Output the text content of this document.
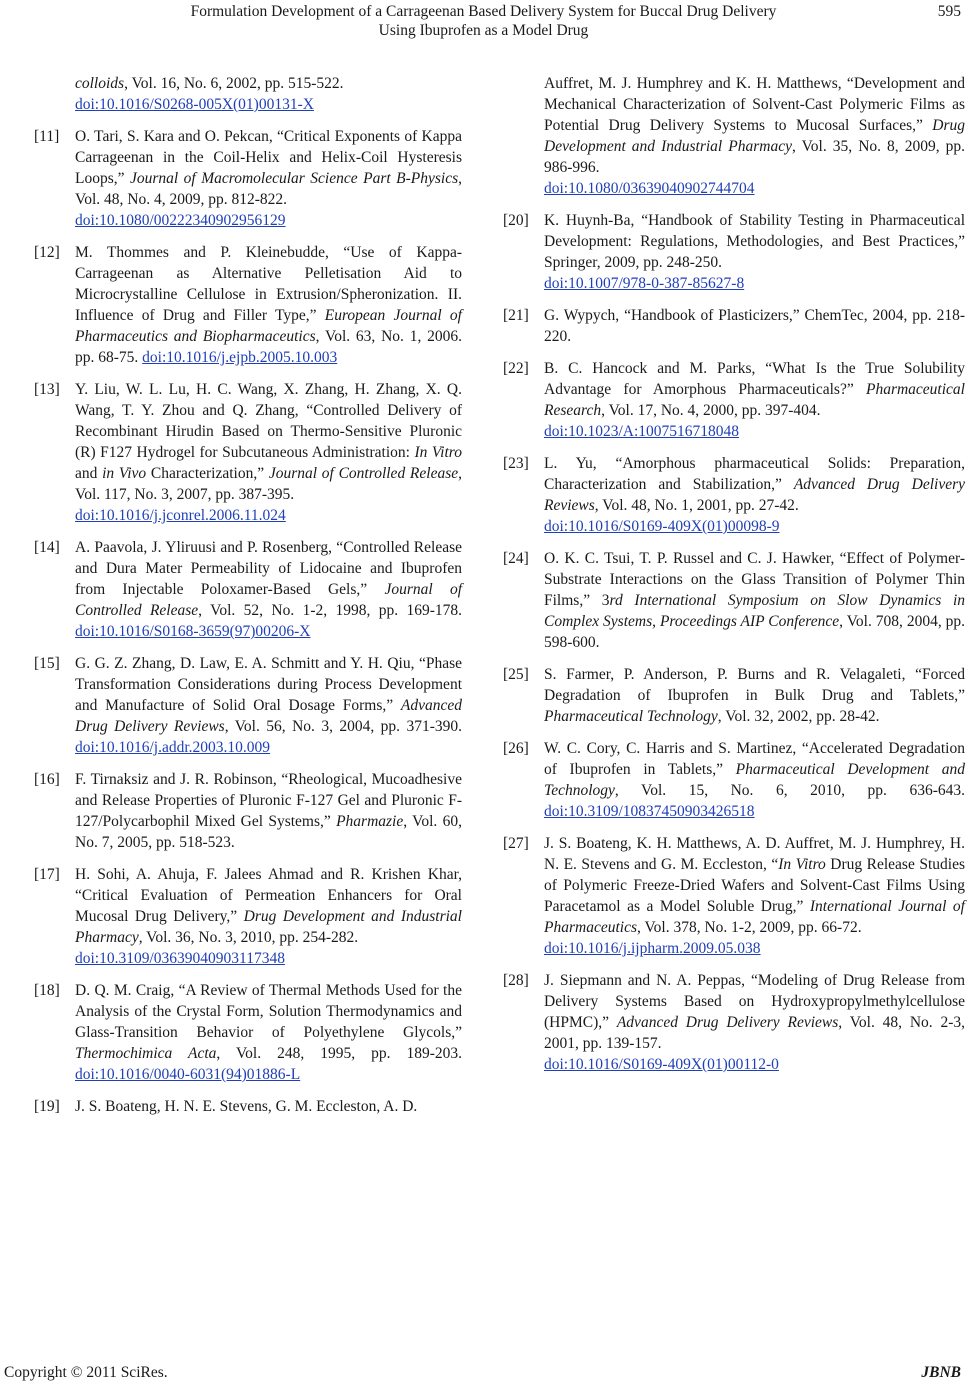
Formulation Development of a Carrageenan Based Delivery System for Buccal Drug Delivery
Using Ibuprofen as a Model Drug
595
colloids, Vol. 16, No. 6, 2002, pp. 515-522.
doi:10.1016/S0268-005X(01)00131-X
[11] O. Tari, S. Kara and O. Pekcan, “Critical Exponents of Kappa Carrageenan in the Coil-Helix and Helix-Coil Hysteresis Loops,” Journal of Macromolecular Science Part B-Physics, Vol. 48, No. 4, 2009, pp. 812-822.
doi:10.1080/00222340902956129
[12] M. Thommes and P. Kleinebudde, “Use of Kappa-Carrageenan as Alternative Pelletisation Aid to Microcrystalline Cellulose in Extrusion/Spheronization. II. Influence of Drug and Filler Type,” European Journal of Pharmaceutics and Biopharmaceutics, Vol. 63, No. 1, 2006. pp. 68-75. doi:10.1016/j.ejpb.2005.10.003
[13] Y. Liu, W. L. Lu, H. C. Wang, X. Zhang, H. Zhang, X. Q. Wang, T. Y. Zhou and Q. Zhang, “Controlled Delivery of Recombinant Hirudin Based on Thermo-Sensitive Pluronic (R) F127 Hydrogel for Subcutaneous Administration: In Vitro and in Vivo Characterization,” Journal of Controlled Release, Vol. 117, No. 3, 2007, pp. 387-395.
doi:10.1016/j.jconrel.2006.11.024
[14] A. Paavola, J. Yliruusi and P. Rosenberg, “Controlled Release and Dura Mater Permeability of Lidocaine and Ibuprofen from Injectable Poloxamer-Based Gels,” Journal of Controlled Release, Vol. 52, No. 1-2, 1998, pp. 169-178. doi:10.1016/S0168-3659(97)00206-X
[15] G. G. Z. Zhang, D. Law, E. A. Schmitt and Y. H. Qiu, “Phase Transformation Considerations during Process Development and Manufacture of Solid Oral Dosage Forms,” Advanced Drug Delivery Reviews, Vol. 56, No. 3, 2004, pp. 371-390. doi:10.1016/j.addr.2003.10.009
[16] F. Tirnaksiz and J. R. Robinson, “Rheological, Mucoadhesive and Release Properties of Pluronic F-127 Gel and Pluronic F-127/Polycarbophil Mixed Gel Systems,” Pharmazie, Vol. 60, No. 7, 2005, pp. 518-523.
[17] H. Sohi, A. Ahuja, F. Jalees Ahmad and R. Krishen Khar, “Critical Evaluation of Permeation Enhancers for Oral Mucosal Drug Delivery,” Drug Development and Industrial Pharmacy, Vol. 36, No. 3, 2010, pp. 254-282.
doi:10.3109/03639040903117348
[18] D. Q. M. Craig, “A Review of Thermal Methods Used for the Analysis of the Crystal Form, Solution Thermodynamics and Glass-Transition Behavior of Polyethylene Glycols,” Thermochimica Acta, Vol. 248, 1995, pp. 189-203. doi:10.1016/0040-6031(94)01886-L
[19] J. S. Boateng, H. N. E. Stevens, G. M. Eccleston, A. D.
Auffret, M. J. Humphrey and K. H. Matthews, “Development and Mechanical Characterization of Solvent-Cast Polymeric Films as Potential Drug Delivery Systems to Mucosal Surfaces,” Drug Development and Industrial Pharmacy, Vol. 35, No. 8, 2009, pp. 986-996.
doi:10.1080/03639040902744704
[20] K. Huynh-Ba, “Handbook of Stability Testing in Pharmaceutical Development: Regulations, Methodologies, and Best Practices,” Springer, 2009, pp. 248-250.
doi:10.1007/978-0-387-85627-8
[21] G. Wypych, “Handbook of Plasticizers,” ChemTec, 2004, pp. 218-220.
[22] B. C. Hancock and M. Parks, “What Is the True Solubility Advantage for Amorphous Pharmaceuticals?” Pharmaceutical Research, Vol. 17, No. 4, 2000, pp. 397-404.
doi:10.1023/A:1007516718048
[23] L. Yu, “Amorphous pharmaceutical Solids: Preparation, Characterization and Stabilization,” Advanced Drug Delivery Reviews, Vol. 48, No. 1, 2001, pp. 27-42.
doi:10.1016/S0169-409X(01)00098-9
[24] O. K. C. Tsui, T. P. Russel and C. J. Hawker, “Effect of Polymer-Substrate Interactions on the Glass Transition of Polymer Thin Films,” 3rd International Symposium on Slow Dynamics in Complex Systems, Proceedings AIP Conference, Vol. 708, 2004, pp. 598-600.
[25] S. Farmer, P. Anderson, P. Burns and R. Velagaleti, “Forced Degradation of Ibuprofen in Bulk Drug and Tablets,” Pharmaceutical Technology, Vol. 32, 2002, pp. 28-42.
[26] W. C. Cory, C. Harris and S. Martinez, “Accelerated Degradation of Ibuprofen in Tablets,” Pharmaceutical Development and Technology, Vol. 15, No. 6, 2010, pp. 636-643. doi:10.3109/10837450903426518
[27] J. S. Boateng, K. H. Matthews, A. D. Auffret, M. J. Humphrey, H. N. E. Stevens and G. M. Eccleston, “In Vitro Drug Release Studies of Polymeric Freeze-Dried Wafers and Solvent-Cast Films Using Paracetamol as a Model Soluble Drug,” International Journal of Pharmaceutics, Vol. 378, No. 1-2, 2009, pp. 66-72.
doi:10.1016/j.ijpharm.2009.05.038
[28] J. Siepmann and N. A. Peppas, “Modeling of Drug Release from Delivery Systems Based on Hydroxypropylmethylcellulose (HPMC),” Advanced Drug Delivery Reviews, Vol. 48, No. 2-3, 2001, pp. 139-157.
doi:10.1016/S0169-409X(01)00112-0
Copyright © 2011 SciRes.	JBNB
